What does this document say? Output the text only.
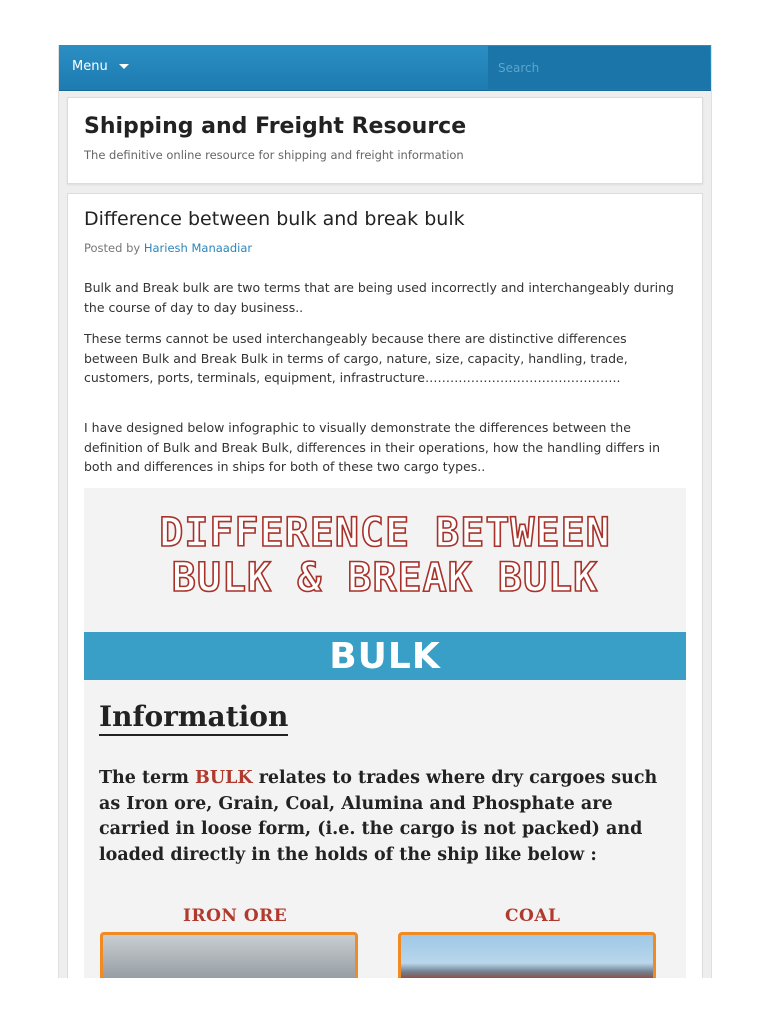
Menu
Search
Shipping and Freight Resource
The definitive online resource for shipping and freight information
Difference between bulk and break bulk
Posted by Hariesh Manaadiar

Bulk and Break bulk are two terms that are being used incorrectly and interchangeably during the course of day to day business..

These terms cannot be used interchangeably because there are distinctive differences between Bulk and Break Bulk in terms of cargo, nature, size, capacity, handling, trade, customers, ports, terminals, equipment, infrastructure………………………………………..

I have designed below infographic to visually demonstrate the differences between the definition of Bulk and Break Bulk, differences in their operations, how the handling differs in both and differences in ships for both of these two cargo types..

DIFFERENCE BETWEEN
BULK & BREAK BULK
BULK
Information
The term BULK relates to trades where dry cargoes such as Iron ore, Grain, Coal, Alumina and Phosphate are carried in loose form, (i.e. the cargo is not packed) and loaded directly in the holds of the ship like below :
IRON ORE	COAL
